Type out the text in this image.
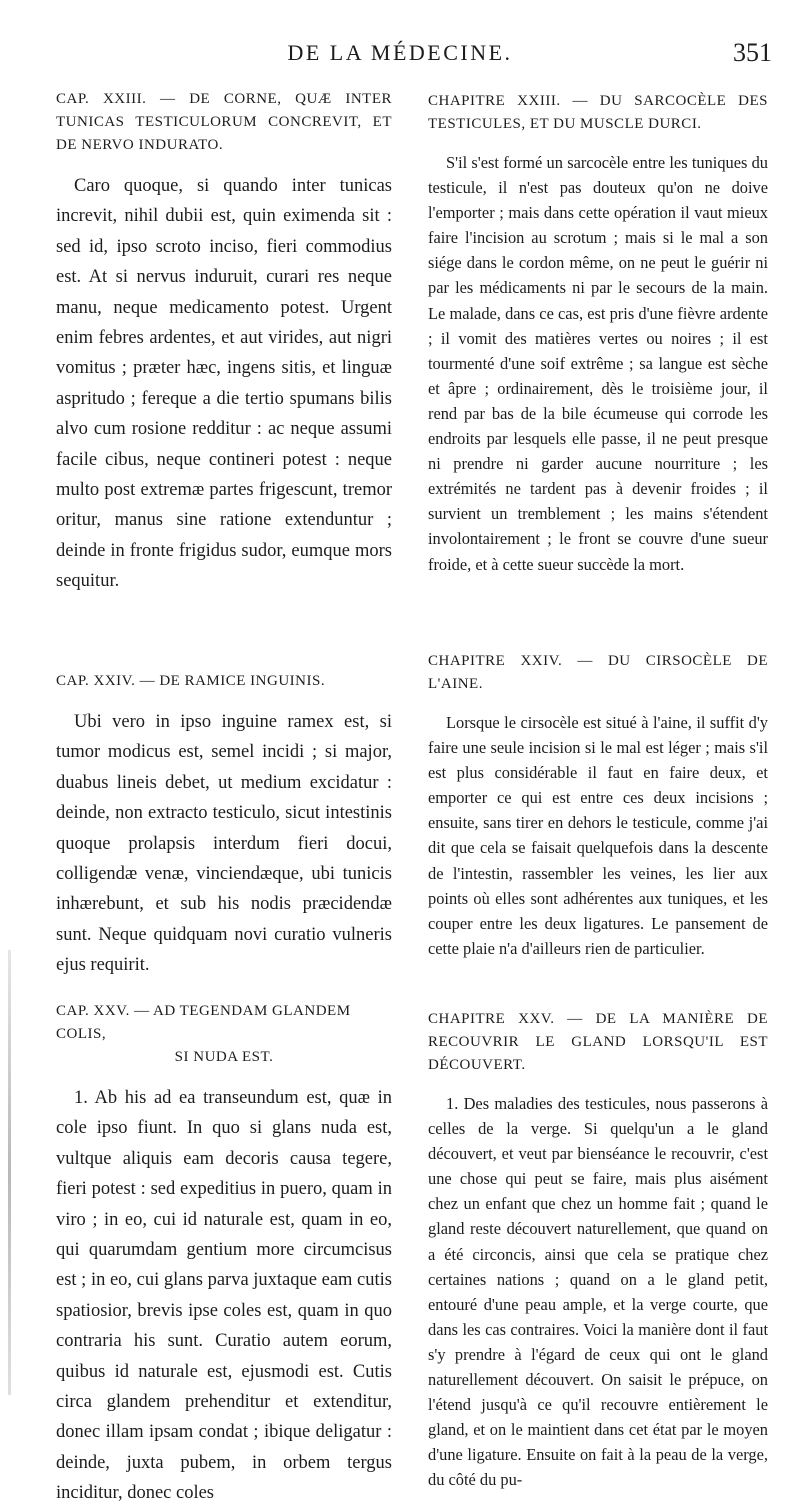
DE LA MÉDECINE.	351

CAP. XXIII. — DE CORNE, QUÆ INTER TUNICAS TESTICULORUM CONCREVIT, ET DE NERVO INDURATO.

Caro quoque, si quando inter tunicas increvit, nihil dubii est, quin eximenda sit : sed id, ipso scroto inciso, fieri commodius est. At si nervus induruit, curari res neque manu, neque medicamento potest. Urgent enim febres ardentes, et aut virides, aut nigri vomitus ; præter hæc, ingens sitis, et linguæ aspritudo ; fereque a die tertio spumans bilis alvo cum rosione redditur : ac neque assumi facile cibus, neque contineri potest : neque multo post extremæ partes frigescunt, tremor oritur, manus sine ratione extenduntur ; deinde in fronte frigidus sudor, eumque mors sequitur.

CAP. XXIV. — DE RAMICE INGUINIS.

Ubi vero in ipso inguine ramex est, si tumor modicus est, semel incidi ; si major, duabus lineis debet, ut medium excidatur : deinde, non extracto testiculo, sicut intestinis quoque prolapsis interdum fieri docui, colligendæ venæ, vinciendæque, ubi tunicis inhærebunt, et sub his nodis præcidendæ sunt. Neque quidquam novi curatio vulneris ejus requirit.

CAP. XXV. — AD TEGENDAM GLANDEM COLIS,

SI NUDA EST.

1. Ab his ad ea transeundum est, quæ in cole ipso fiunt. In quo si glans nuda est, vultque aliquis eam decoris causa tegere, fieri potest : sed expeditius in puero, quam in viro ; in eo, cui id naturale est, quam in eo, qui quarumdam gentium more circumcisus est ; in eo, cui glans parva juxtaque eam cutis spatiosior, brevis ipse coles est, quam in quo contraria his sunt. Curatio autem eorum, quibus id naturale est, ejusmodi est. Cutis circa glandem prehenditur et extenditur, donec illam ipsam condat ; ibique deligatur : deinde, juxta pubem, in orbem tergus inciditur, donec coles

CHAPITRE XXIII. — DU SARCOCÈLE DES TESTICULES, ET DU MUSCLE DURCI.

S'il s'est formé un sarcocèle entre les tuniques du testicule, il n'est pas douteux qu'on ne doive l'emporter ; mais dans cette opération il vaut mieux faire l'incision au scrotum ; mais si le mal a son siége dans le cordon même, on ne peut le guérir ni par les médicaments ni par le secours de la main. Le malade, dans ce cas, est pris d'une fièvre ardente ; il vomit des matières vertes ou noires ; il est tourmenté d'une soif extrême ; sa langue est sèche et âpre ; ordinairement, dès le troisième jour, il rend par bas de la bile écumeuse qui corrode les endroits par lesquels elle passe, il ne peut presque ni prendre ni garder aucune nourriture ; les extrémités ne tardent pas à devenir froides ; il survient un tremblement ; les mains s'étendent involontairement ; le front se couvre d'une sueur froide, et à cette sueur succède la mort.

CHAPITRE XXIV. — DU CIRSOCÈLE DE L'AINE.

Lorsque le cirsocèle est situé à l'aine, il suffit d'y faire une seule incision si le mal est léger ; mais s'il est plus considérable il faut en faire deux, et emporter ce qui est entre ces deux incisions ; ensuite, sans tirer en dehors le testicule, comme j'ai dit que cela se faisait quelquefois dans la descente de l'intestin, rassembler les veines, les lier aux points où elles sont adhérentes aux tuniques, et les couper entre les deux ligatures. Le pansement de cette plaie n'a d'ailleurs rien de particulier.

CHAPITRE XXV. — DE LA MANIÈRE DE RECOUVRIR LE GLAND LORSQU'IL EST DÉCOUVERT.

1. Des maladies des testicules, nous passerons à celles de la verge. Si quelqu'un a le gland découvert, et veut par bienséance le recouvrir, c'est une chose qui peut se faire, mais plus aisément chez un enfant que chez un homme fait ; quand le gland reste découvert naturellement, que quand on a été circoncis, ainsi que cela se pratique chez certaines nations ; quand on a le gland petit, entouré d'une peau ample, et la verge courte, que dans les cas contraires. Voici la manière dont il faut s'y prendre à l'égard de ceux qui ont le gland naturellement découvert. On saisit le prépuce, on l'étend jusqu'à ce qu'il recouvre entièrement le gland, et on le maintient dans cet état par le moyen d'une ligature. Ensuite on fait à la peau de la verge, du côté du pu-
